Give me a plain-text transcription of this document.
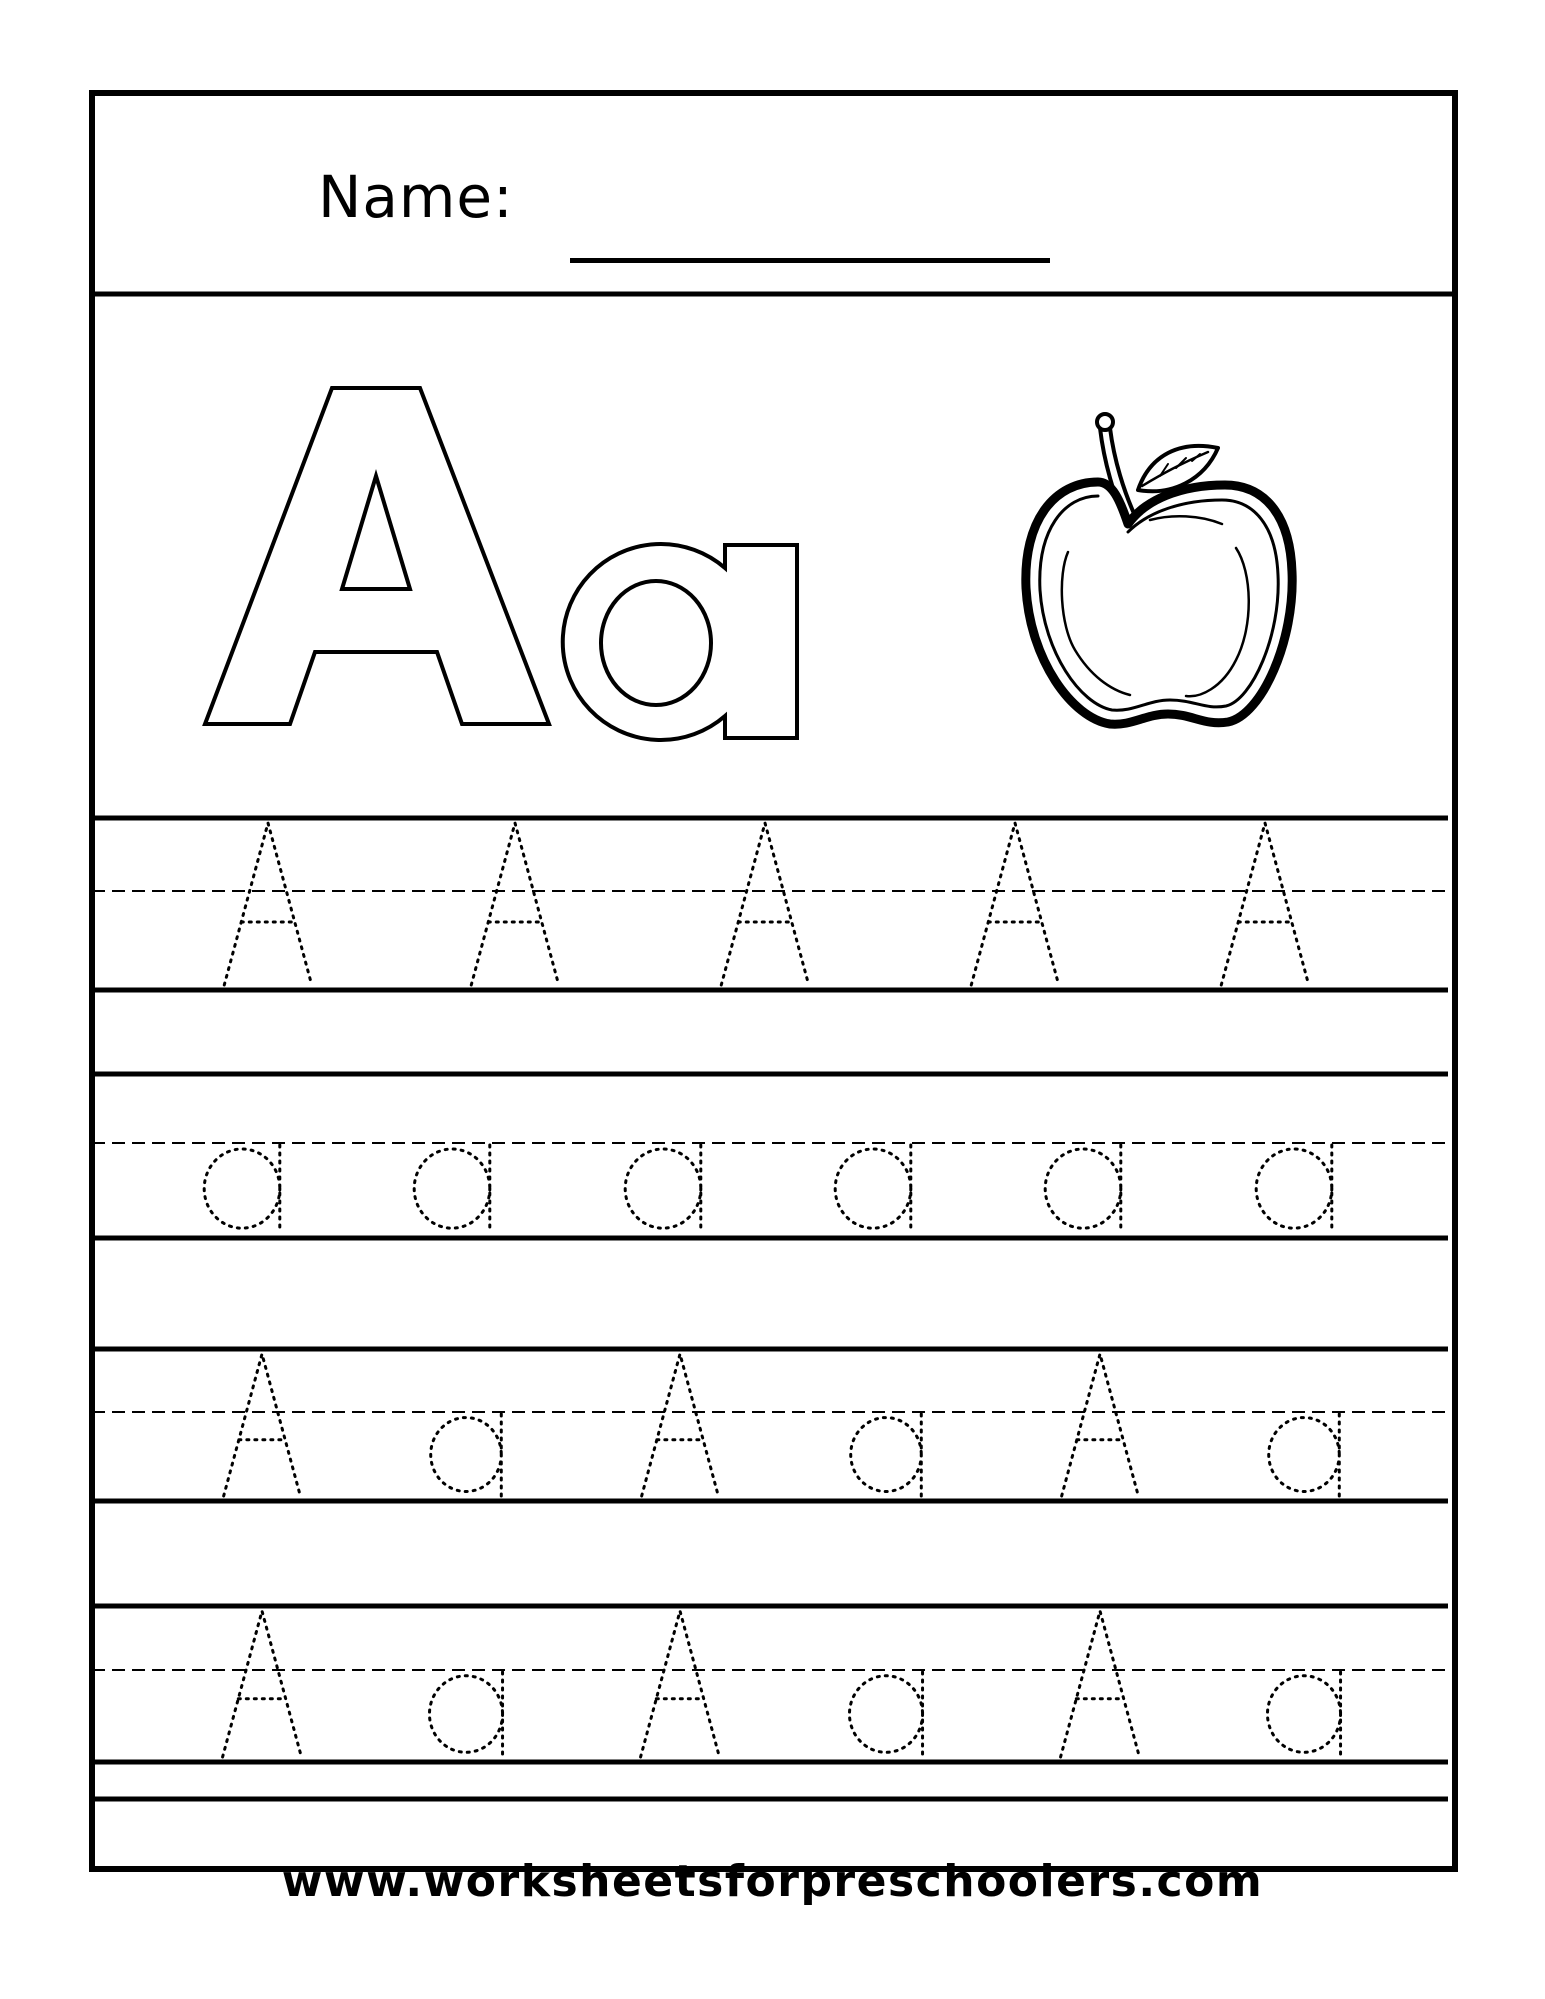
Name:
www.worksheetsforpreschoolers.com
